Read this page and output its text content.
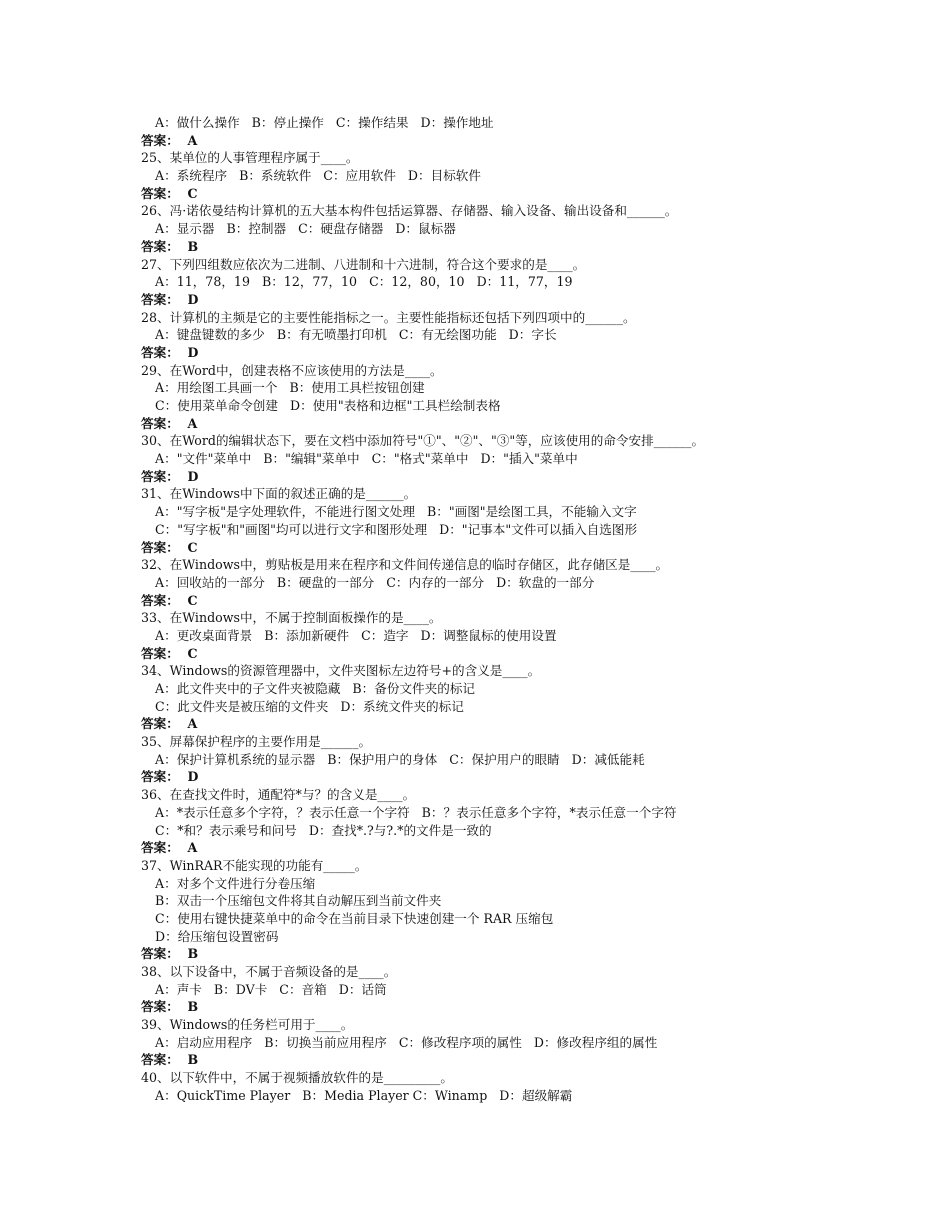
A：做什么操作   B：停止操作   C：操作结果   D：操作地址
答案：  A
25、某单位的人事管理程序属于____。
A：系统程序   B：系统软件   C：应用软件   D：目标软件
答案：  C
26、冯·诺依曼结构计算机的五大基本构件包括运算器、存储器、输入设备、输出设备和______。
A：显示器   B：控制器   C：硬盘存储器   D：鼠标器
答案：  B
27、下列四组数应依次为二进制、八进制和十六进制，符合这个要求的是____。
A：11，78，19   B：12，77，10   C：12，80，10   D：11，77，19
答案：  D
28、计算机的主频是它的主要性能指标之一。主要性能指标还包括下列四项中的______。
A：键盘键数的多少   B：有无喷墨打印机   C：有无绘图功能   D：字长
答案：  D
29、在Word中，创建表格不应该使用的方法是____。
A：用绘图工具画一个   B：使用工具栏按钮创建
C：使用菜单命令创建   D：使用"表格和边框"工具栏绘制表格
答案：  A
30、在Word的编辑状态下，要在文档中添加符号"①"、"②"、"③"等，应该使用的命令安排______。
A："文件"菜单中   B："编辑"菜单中   C："格式"菜单中   D："插入"菜单中
答案：  D
31、在Windows中下面的叙述正确的是______。
A："写字板"是字处理软件，不能进行图文处理   B："画图"是绘图工具，不能输入文字
C："写字板"和"画图"均可以进行文字和图形处理   D："记事本"文件可以插入自选图形
答案：  C
32、在Windows中，剪贴板是用来在程序和文件间传递信息的临时存储区，此存储区是____。
A：回收站的一部分   B：硬盘的一部分   C：内存的一部分   D：软盘的一部分
答案：  C
33、在Windows中，不属于控制面板操作的是____。
A：更改桌面背景   B：添加新硬件   C：造字   D：调整鼠标的使用设置
答案：  C
34、Windows的资源管理器中，文件夹图标左边符号+的含义是____。
A：此文件夹中的子文件夹被隐藏   B：备份文件夹的标记
C：此文件夹是被压缩的文件夹   D：系统文件夹的标记
答案：  A
35、屏幕保护程序的主要作用是______。
A：保护计算机系统的显示器   B：保护用户的身体   C：保护用户的眼睛   D：减低能耗
答案：  D
36、在查找文件时，通配符*与？的含义是____。
A：*表示任意多个字符，？表示任意一个字符   B：？表示任意多个字符，*表示任意一个字符
C：*和？表示乘号和问号   D：查找*.?与?.*的文件是一致的
答案：  A
37、WinRAR不能实现的功能有_____。
A：对多个文件进行分卷压缩
B：双击一个压缩包文件将其自动解压到当前文件夹
C：使用右键快捷菜单中的命令在当前目录下快速创建一个 RAR 压缩包
D：给压缩包设置密码
答案：  B
38、以下设备中，不属于音频设备的是____。
A：声卡   B：DV卡   C：音箱   D：话筒
答案：  B
39、Windows的任务栏可用于____。
A：启动应用程序   B：切换当前应用程序   C：修改程序项的属性   D：修改程序组的属性
答案：  B
40、以下软件中，不属于视频播放软件的是_________。
A：QuickTime Player   B：Media Player C：Winamp   D：超级解霸
